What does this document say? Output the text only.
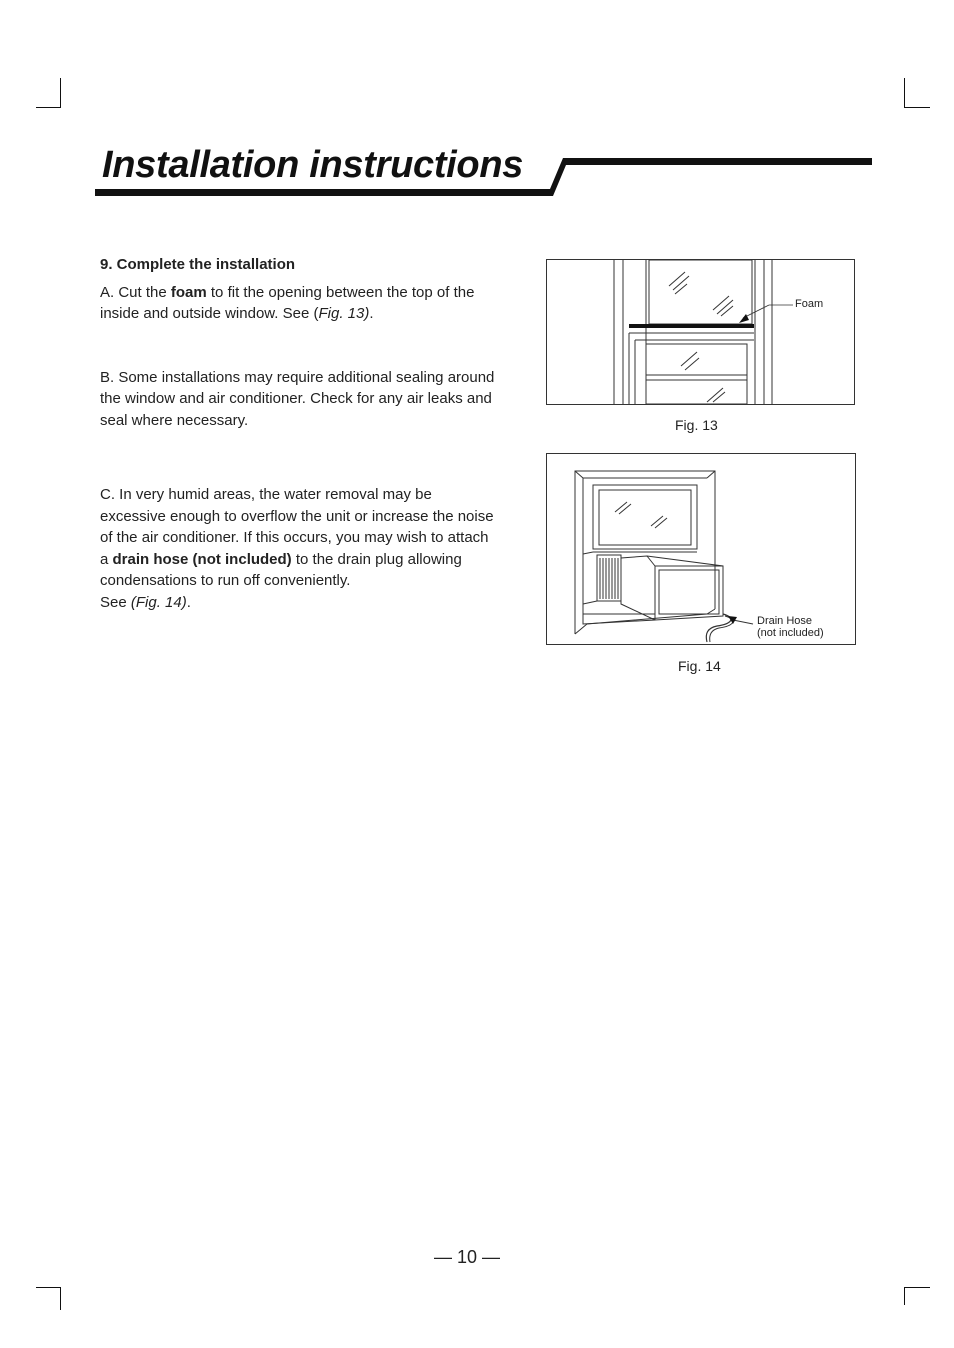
Installation instructions

9. Complete the installation

A. Cut the foam to fit the opening between the top of the inside and outside window. See (Fig. 13).

B. Some installations may require additional sealing around the window and air conditioner. Check for any air leaks and seal where necessary.

C. In very humid areas, the water removal may be excessive enough to overflow the unit or increase the noise of the air conditioner. If this occurs, you may wish to attach a drain hose (not included) to the drain plug allowing condensations to run off conveniently.
See (Fig. 14).

Foam
Fig. 13
Drain Hose
(not included)
Fig. 14
— 10 —
